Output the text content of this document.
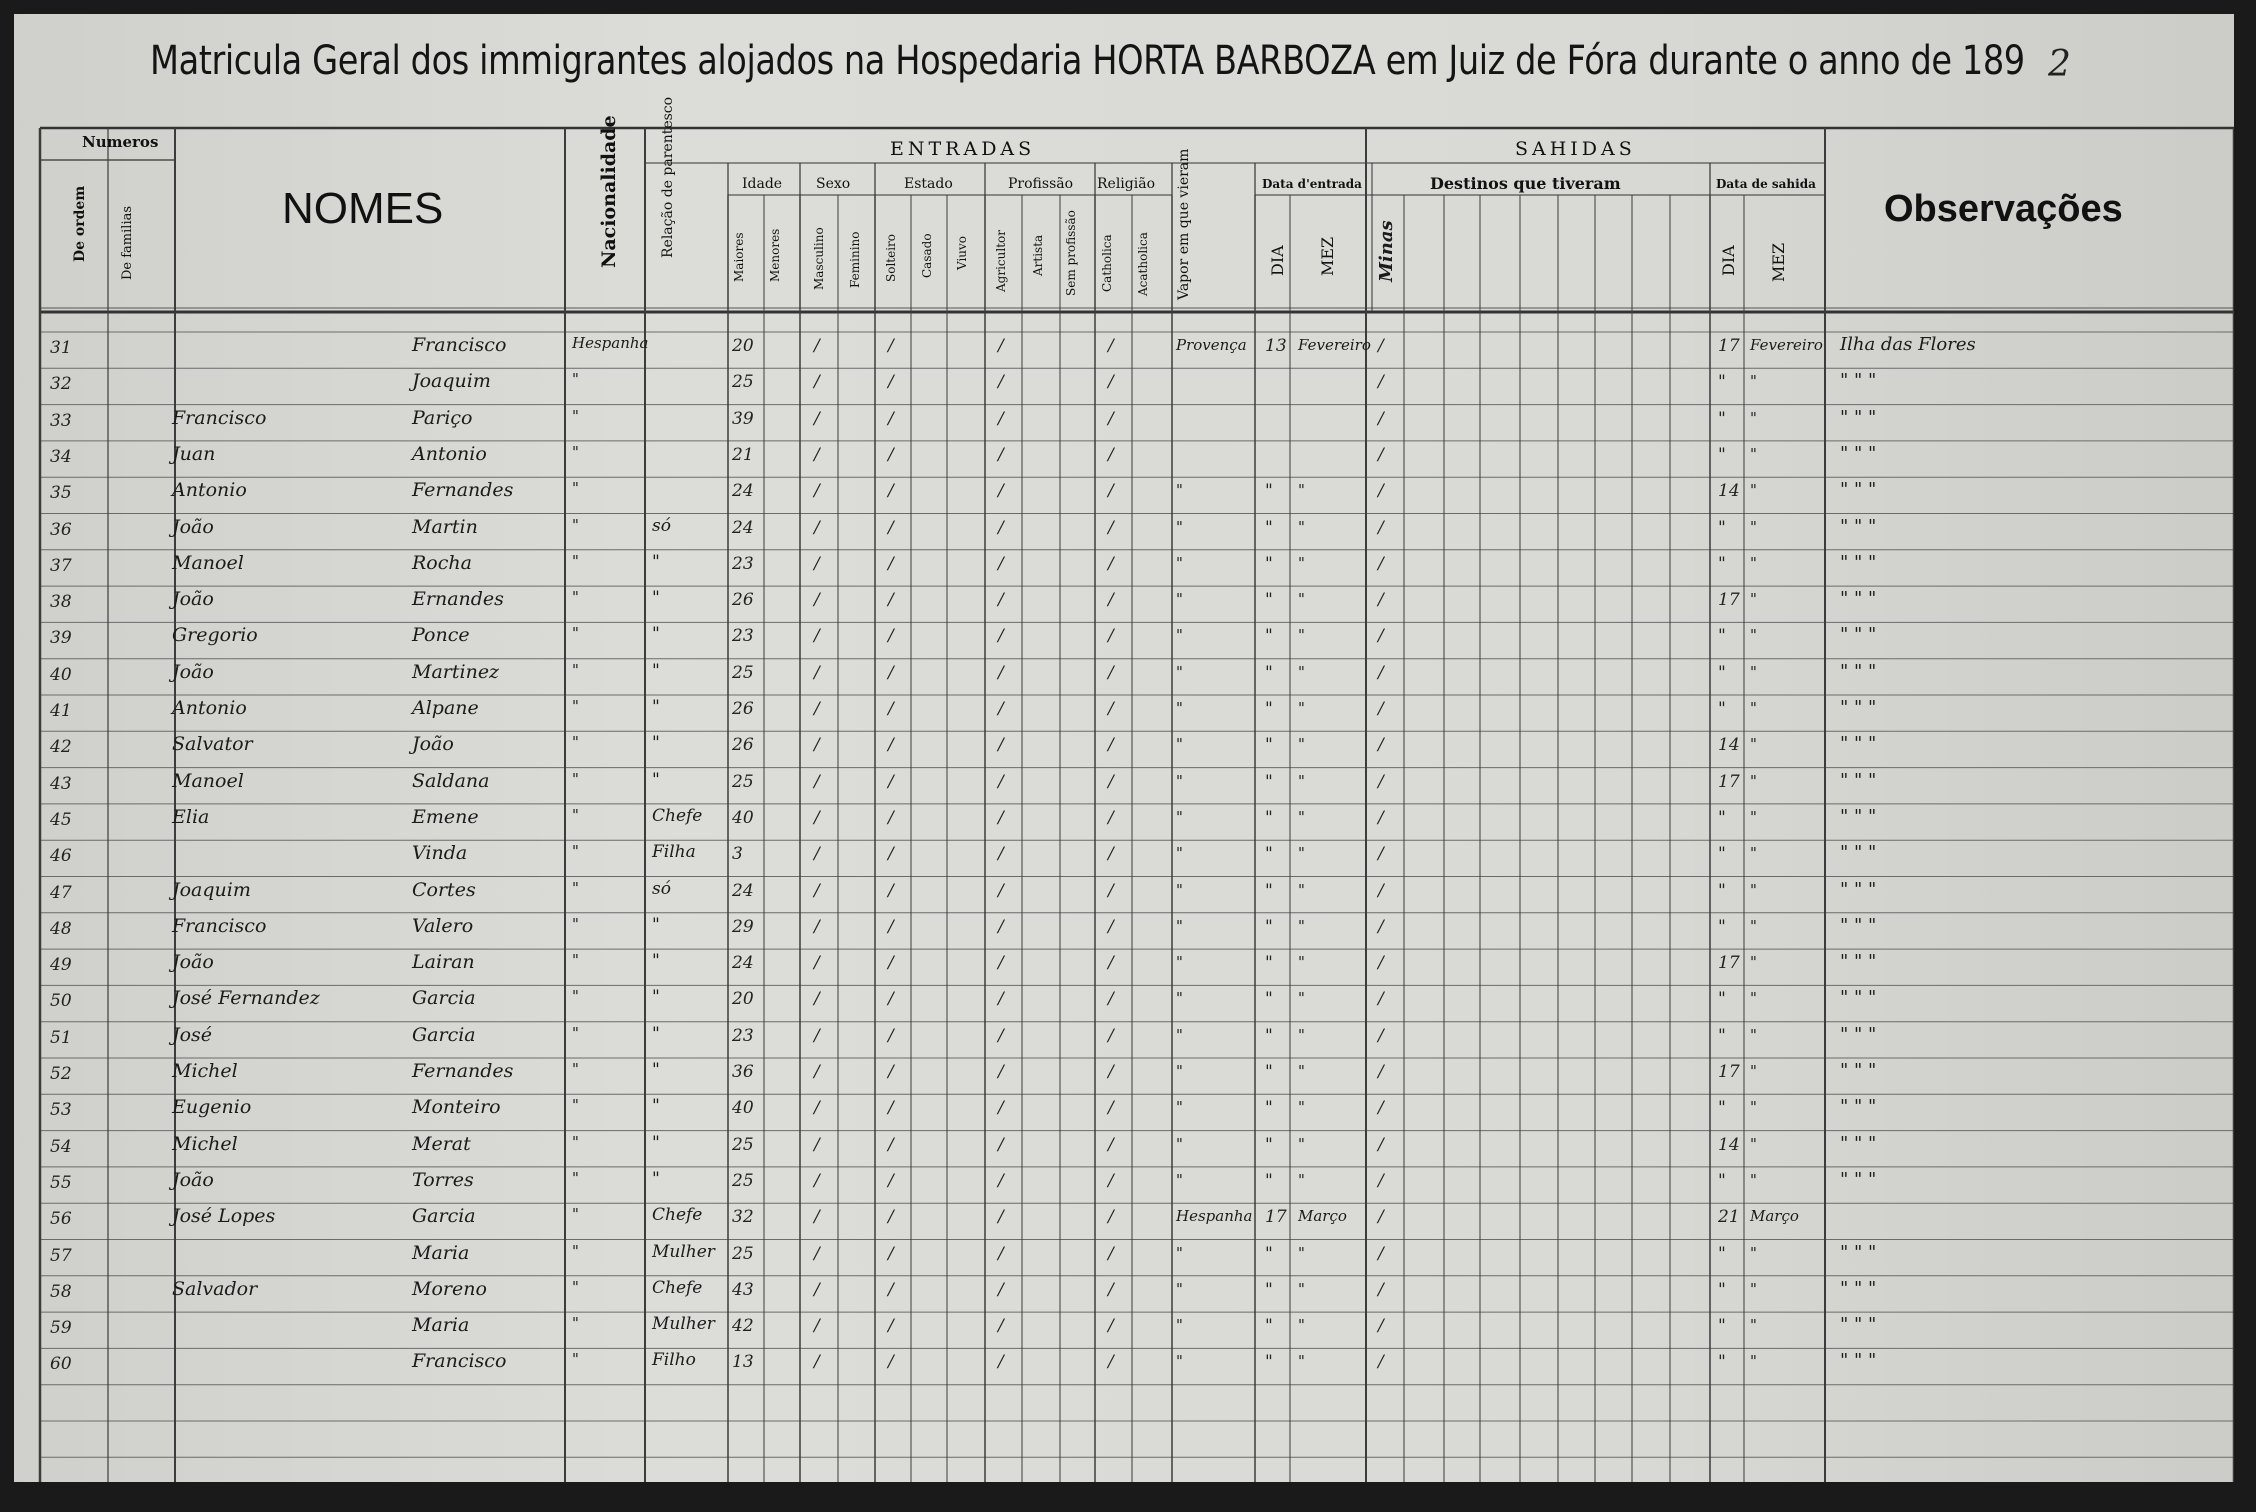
Matricula Geral dos immigrantes alojados na Hospedaria HORTA BARBOZA em Juiz de Fóra durante o anno de 189 2
Numeros
De ordem De familias	NOMES	Nacionalidade	Relação de parentesco	ENTRADAS	SAHIDAS
Idade Sexo	Estado	Profissão Religião	Data d'entrada	Destinos que tiveram	Data de sahida
Observações
Maiores Menores	Masculino Feminino Solteiro Casado Viuvo Agricultor Artista Sem profissão Catholica Acatholica Vapor em que vieram	DIA MEZ Minas	DIA MEZ
31	Francisco	Hespanha	20	/	/	/	/	Provença 13 Fevereiro /	17 Fevereiro Ilha das Flores
32	Joaquim	"	25	/	/	/	/	/	" "	" " "
33	Francisco	Pariço	"	39	/	/	/	/	/	" "	" " "
34	Juan	Antonio	"	21	/	/	/	/	/	" "	" " "
35	Antonio	Fernandes	"	24	/	/	/	/	"	" "	/	14 "	" " "
36	João	Martin	"	só	24	/	/	/	/	"	" "	/	" "	" " "
37	Manoel	Rocha	"	"	23	/	/	/	/	"	" "	/	" "	" " "
38	João	Ernandes	"	"	26	/	/	/	/	"	" "	/	17 "	" " "
39	Gregorio	Ponce	"	"	23	/	/	/	/	"	" "	/	" "	" " "
40	João	Martinez	"	"	25	/	/	/	/	"	" "	/	" "	" " "
41	Antonio	Alpane	"	"	26	/	/	/	/	"	" "	/	" "	" " "
42	Salvator	João	"	"	26	/	/	/	/	"	" "	/	14 "	" " "
43	Manoel	Saldana	"	"	25	/	/	/	/	"	" "	/	17 "	" " "
45	Elia	Emene	"	Chefe 40	/	/	/	/	"	" "	/	" "	" " "
46	Vinda	"	Filha 3	/	/	/	/	"	" "	/	" "	" " "
47	Joaquim	Cortes	"	só	24	/	/	/	/	"	" "	/	" "	" " "
48	Francisco	Valero	"	"	29	/	/	/	/	"	" "	/	" "	" " "
49	João	Lairan	"	"	24	/	/	/	/	"	" "	/	17 "	" " "
50	José Fernandez	Garcia	"	"	20	/	/	/	/	"	" "	/	" "	" " "
51	José	Garcia	"	"	23	/	/	/	/	"	" "	/	" "	" " "
52	Michel	Fernandes	"	"	36	/	/	/	/	"	" "	/	17 "	" " "
53	Eugenio	Monteiro	"	"	40	/	/	/	/	"	" "	/	" "	" " "
54	Michel	Merat	"	"	25	/	/	/	/	"	" "	/	14 "	" " "
55	João	Torres	"	"	25	/	/	/	/	"	" "	/	" "	" " "
56	José Lopes	Garcia	"	Chefe 32	/	/	/	/	Hespanha 17 Março /	21 Março
57	Maria	"	Mulher 25	/	/	/	/	"	" "	/	" "	" " "
58	Salvador	Moreno	"	Chefe 43	/	/	/	/	"	" "	/	" "	" " "
59	Maria	"	Mulher 42	/	/	/	/	"	" "	/	" "	" " "
60	Francisco	"	Filho 13	/	/	/	/	"	" "	/	" "	" " "
